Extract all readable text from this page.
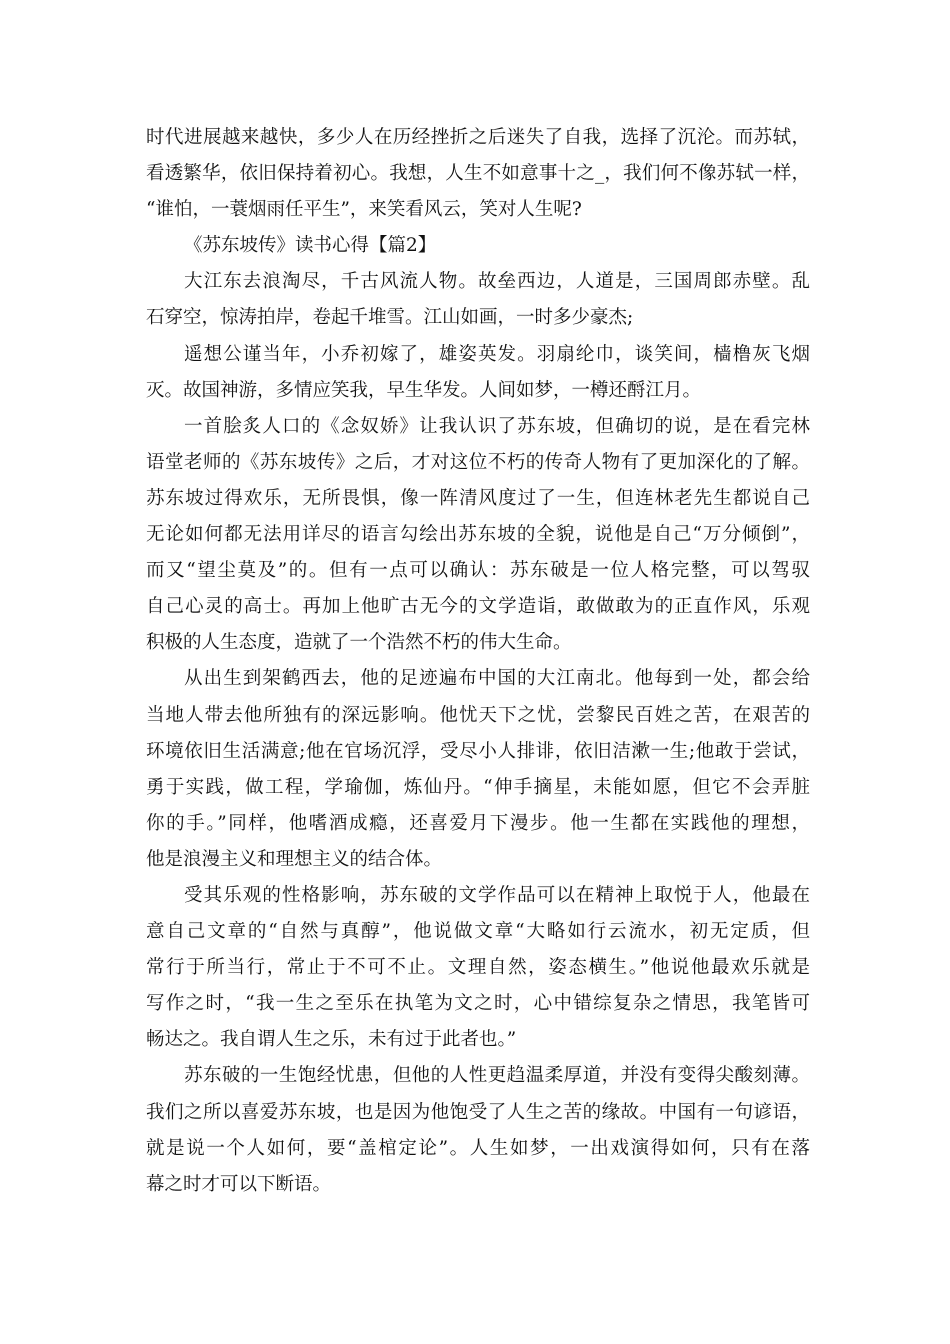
时代进展越来越快，多少人在历经挫折之后迷失了自我，选择了沉沦。而苏轼，
看透繁华，依旧保持着初心。我想，人生不如意事十之_，我们何不像苏轼一样，
“谁怕，一蓑烟雨任平生”，来笑看风云，笑对人生呢?
《苏东坡传》读书心得【篇2】
大江东去浪淘尽，千古风流人物。故垒西边，人道是，三国周郎赤壁。乱
石穿空，惊涛拍岸，卷起千堆雪。江山如画，一时多少豪杰;
遥想公谨当年，小乔初嫁了，雄姿英发。羽扇纶巾，谈笑间，樯橹灰飞烟
灭。故国神游，多情应笑我，早生华发。人间如梦，一樽还酹江月。
一首脍炙人口的《念奴娇》让我认识了苏东坡，但确切的说，是在看完林
语堂老师的《苏东坡传》之后，才对这位不朽的传奇人物有了更加深化的了解。
苏东坡过得欢乐，无所畏惧，像一阵清风度过了一生，但连林老先生都说自己
无论如何都无法用详尽的语言勾绘出苏东坡的全貌，说他是自己“万分倾倒”，
而又“望尘莫及”的。但有一点可以确认：苏东破是一位人格完整，可以驾驭
自己心灵的高士。再加上他旷古无今的文学造诣，敢做敢为的正直作风，乐观
积极的人生态度，造就了一个浩然不朽的伟大生命。
从出生到架鹤西去，他的足迹遍布中国的大江南北。他每到一处，都会给
当地人带去他所独有的深远影响。他忧天下之忧，尝黎民百姓之苦，在艰苦的
环境依旧生活满意;他在官场沉浮，受尽小人排诽，依旧洁漱一生;他敢于尝试，
勇于实践，做工程，学瑜伽，炼仙丹。“伸手摘星，未能如愿，但它不会弄脏
你的手。”同样，他嗜酒成瘾，还喜爱月下漫步。他一生都在实践他的理想，
他是浪漫主义和理想主义的结合体。
受其乐观的性格影响，苏东破的文学作品可以在精神上取悦于人，他最在
意自己文章的“自然与真醇”，他说做文章“大略如行云流水，初无定质，但
常行于所当行，常止于不可不止。文理自然，姿态横生。”他说他最欢乐就是
写作之时，“我一生之至乐在执笔为文之时，心中错综复杂之情思，我笔皆可
畅达之。我自谓人生之乐，未有过于此者也。”
苏东破的一生饱经忧患，但他的人性更趋温柔厚道，并没有变得尖酸刻薄。
我们之所以喜爱苏东坡，也是因为他饱受了人生之苦的缘故。中国有一句谚语，
就是说一个人如何，要“盖棺定论”。人生如梦，一出戏演得如何，只有在落
幕之时才可以下断语。
